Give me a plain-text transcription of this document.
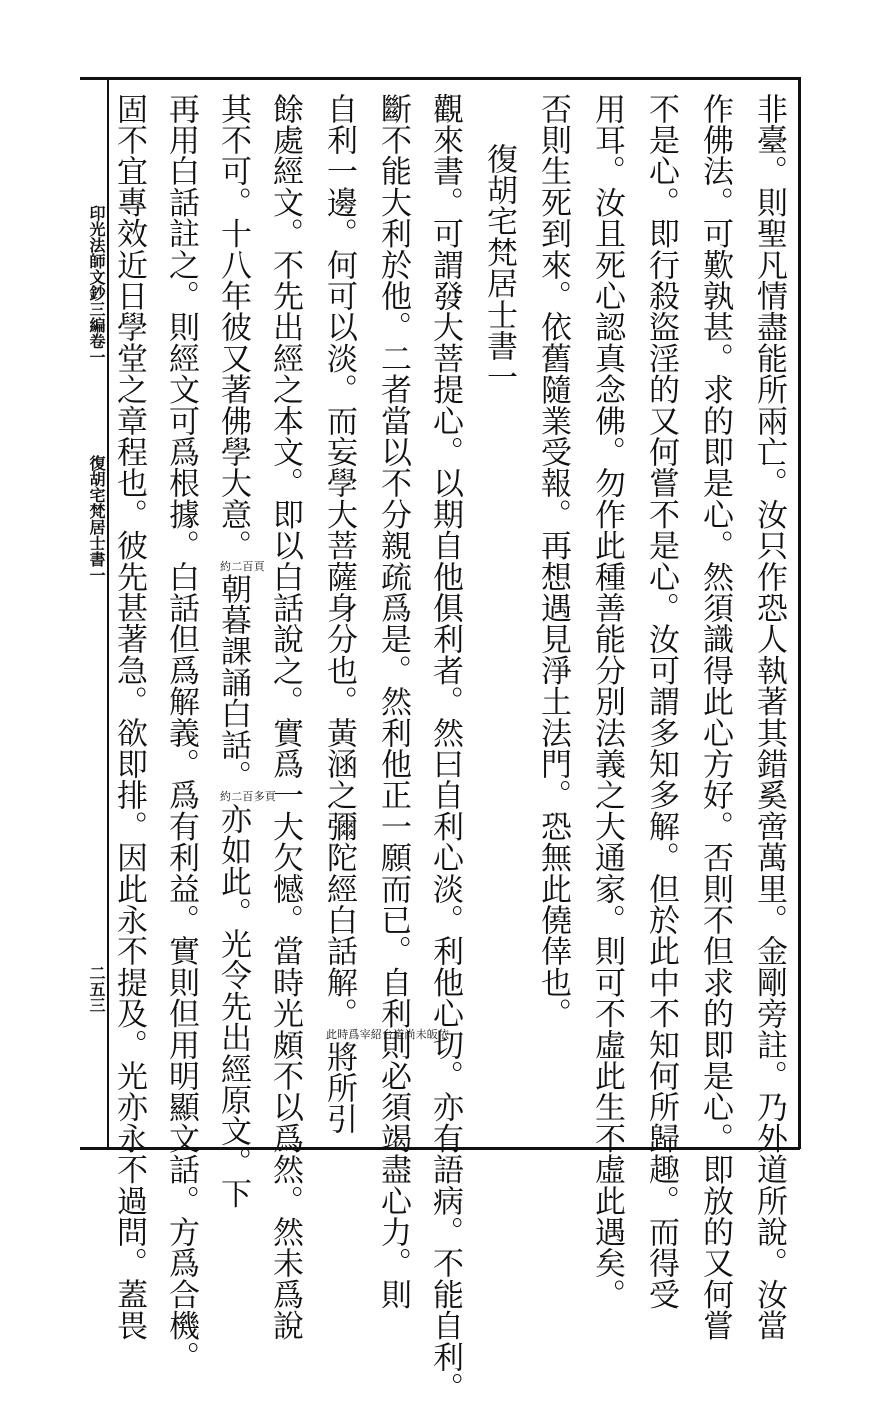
印光法師文鈔三編卷一
復胡宅梵居士書一
二五三	非臺。則聖凡情盡能所兩亡。汝只作恐人執著其錯奚啻萬里。金剛旁註。乃外道所說。汝當
作佛法。可歎孰甚。求的即是心。然須識得此心方好。否則不但求的即是心。即放的又何嘗
不是心。即行殺盜淫的又何嘗不是心。汝可謂多知多解。但於此中不知何所歸趣。而得受
用耳。汝且死心認真念佛。勿作此種善能分別法義之大通家。則可不虛此生不虛此遇矣。
否則生死到來。依舊隨業受報。再想遇見淨土法門。恐無此僥倖也。
復胡宅梵居士書一
觀來書。可謂發大菩提心。以期自他俱利者。然曰自利心淡。利他心切。亦有語病。不能自利。
斷不能大利於他。二者當以不分親疏爲是。然利他正一願而已。自利則必須竭盡心力。則
自利一邊。何可以淡。而妄學大菩薩身分也。黃涵之彌陀經白話解。此時爲宰紹台道尚未皈依將所引
餘處經文。不先出經之本文。即以白話說之。實爲一大欠憾。當時光頗不以爲然。然未爲說
其不可。十八年彼又著佛學大意。約二百頁朝暮課誦白話。約二百多頁亦如此。光令先出經原文。下
再用白話註之。則經文可爲根據。白話但爲解義。爲有利益。實則但用明顯文話。方爲合機。
固不宜專效近日學堂之章程也。彼先甚著急。欲即排。因此永不提及。光亦永不過問。蓋畏
